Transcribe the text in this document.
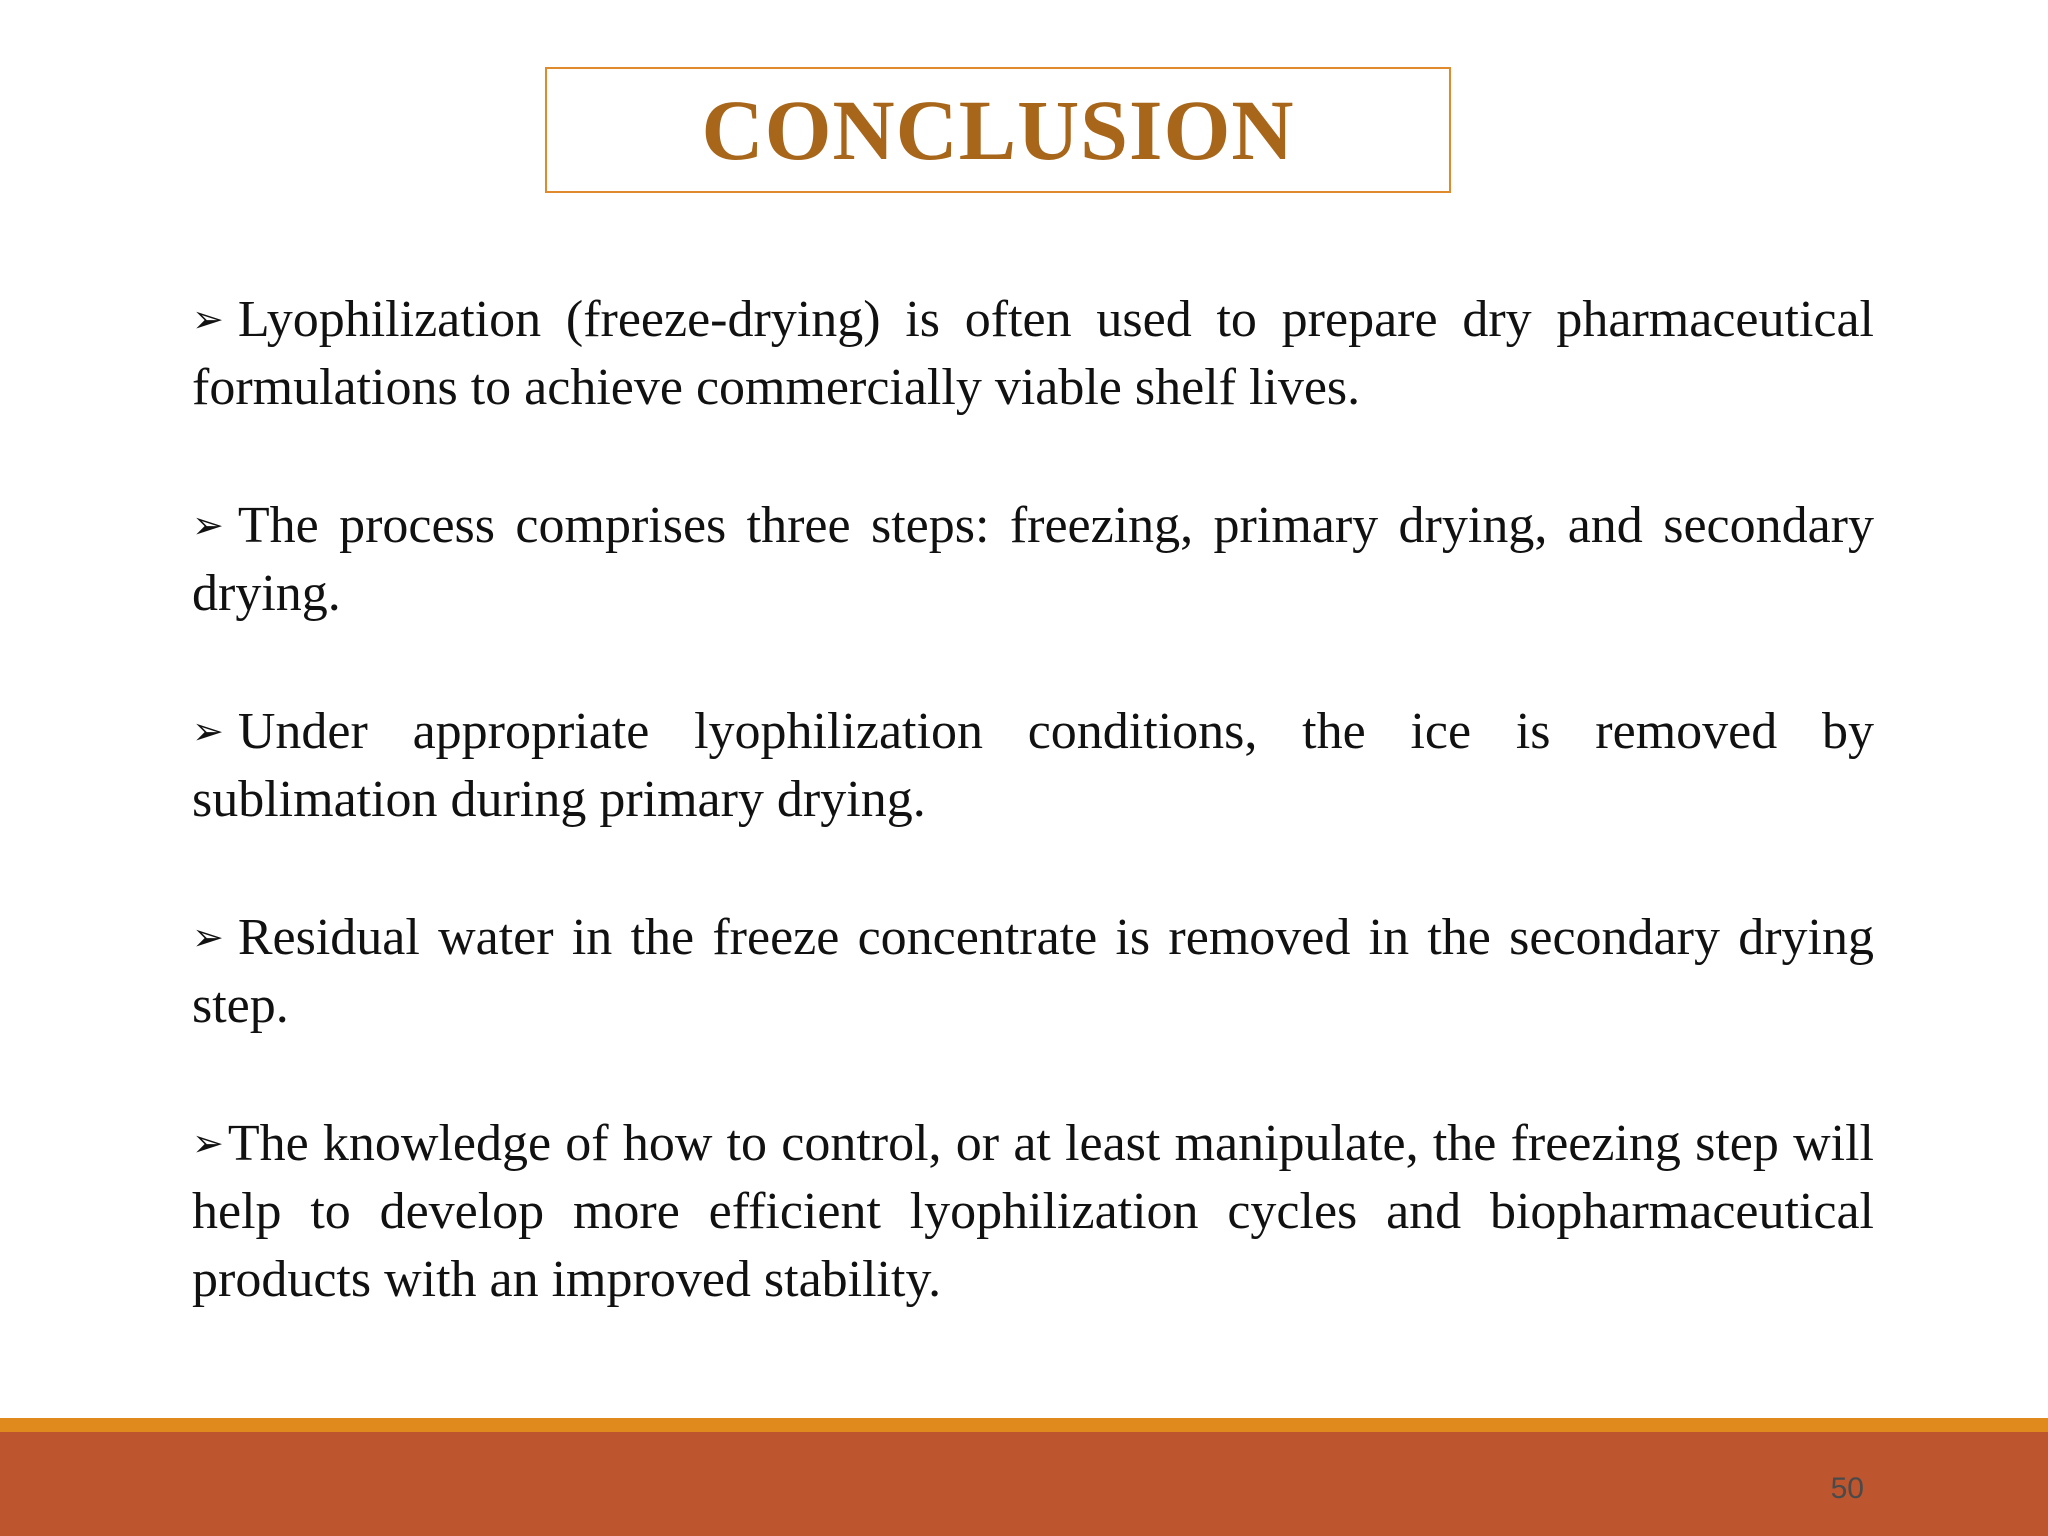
CONCLUSION

➢ Lyophilization (freeze-drying) is often used to prepare dry pharmaceutical formulations to achieve commercially viable shelf lives.

➢ The process comprises three steps: freezing, primary drying, and secondary drying.

➢ Under appropriate lyophilization conditions, the ice is removed by sublimation during primary drying.

➢ Residual water in the freeze concentrate is removed in the secondary drying step.

➢The knowledge of how to control, or at least manipulate, the freezing step will help to develop more efficient lyophilization cycles and biopharmaceutical products with an improved stability.

50
